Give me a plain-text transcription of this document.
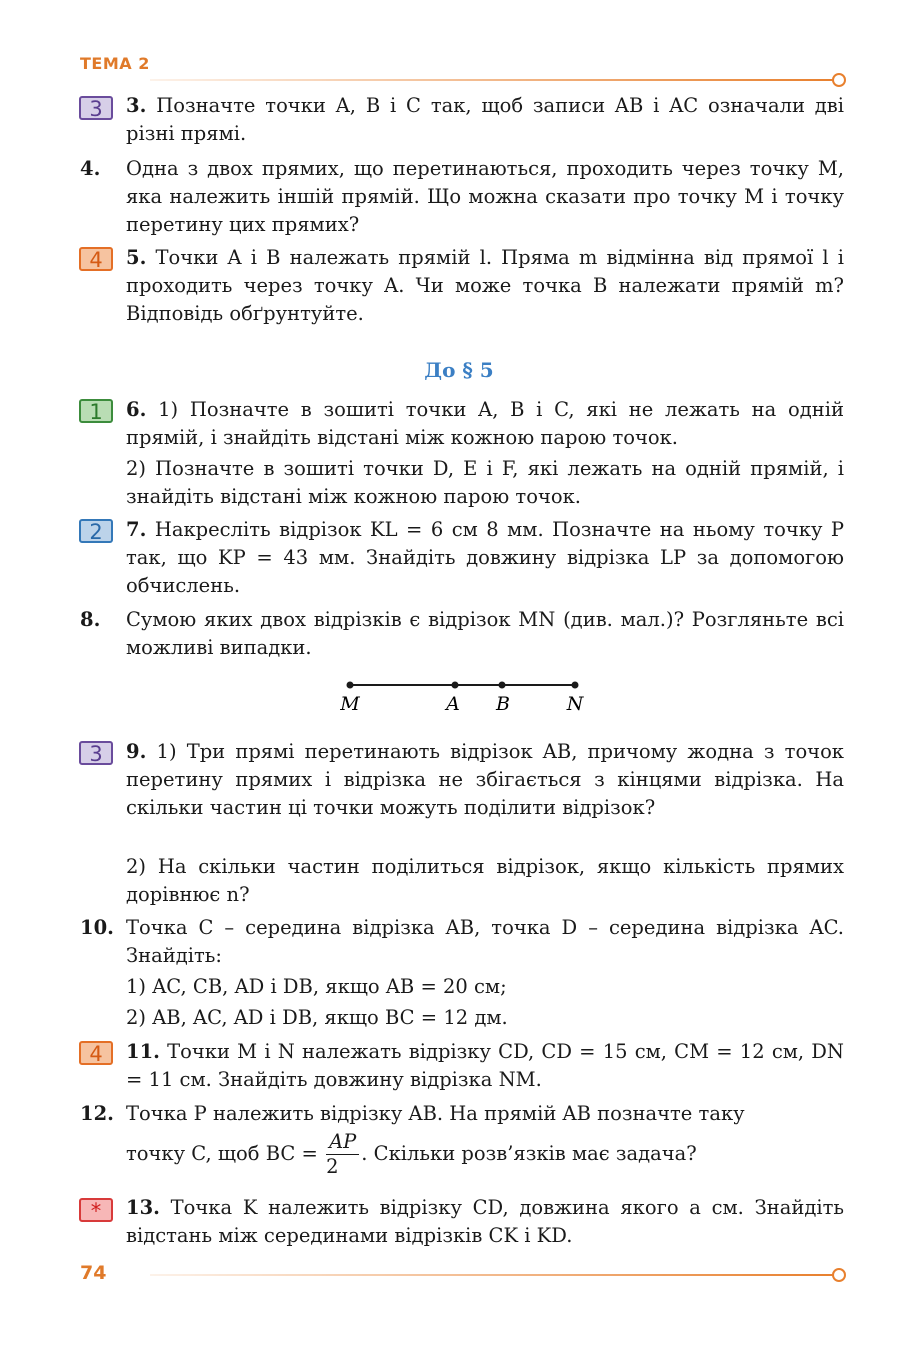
ТЕМА 2
3	3. Позначте точки A, B і C так, щоб записи AB і AC означали дві різні прямі.
4. Одна з двох прямих, що перетинаються, проходить через точку M, яка належить іншій прямій. Що можна сказати про точку M і точку перетину цих прямих?
4	5. Точки A і B належать прямій l. Пряма m відмінна від прямої l і проходить через точку A. Чи може точка B належати прямій m? Відповідь обґрунтуйте.
До § 5
1	6. 1) Позначте в зошиті точки A, B і C, які не лежать на одній прямій, і знайдіть відстані між кожною парою точок.
2) Позначте в зошиті точки D, E і F, які лежать на одній прямій, і знайдіть відстані між кожною парою точок.
2	7. Накресліть відрізок KL = 6 см 8 мм. Позначте на ньому точку P так, що KP = 43 мм. Знайдіть довжину відрізка LP за допомогою обчислень.
8. Сумою яких двох відрізків є відрізок MN (див. мал.)? Розгляньте всі можливі випадки.
M	A B	N
3	9. 1) Три прямі перетинають відрізок AB, причому жодна з точок перетину прямих і відрізка не збігається з кінцями відрізка. На скільки частин ці точки можуть поділити відрізок?
2) На скільки частин поділиться відрізок, якщо кількість прямих дорівнює n?
10. Точка C – середина відрізка AB, точка D – середина відрізка AC. Знайдіть:
1) AC, CB, AD і DB, якщо AB = 20 см;
2) AB, AC, AD і DB, якщо BC = 12 дм.
4	11. Точки M і N належать відрізку CD, CD = 15 см, CM = 12 см, DN = 11 см. Знайдіть довжину відрізка NM.
12. Точка P належить відрізку AB. На прямій AB позначте таку
точку C, щоб BC = $\frac{AP}{2}$ . Скільки розв’язків має задача?
*	13. Точка K належить відрізку CD, довжина якого a см. Знайдіть відстань між серединами відрізків CK і KD.
74
